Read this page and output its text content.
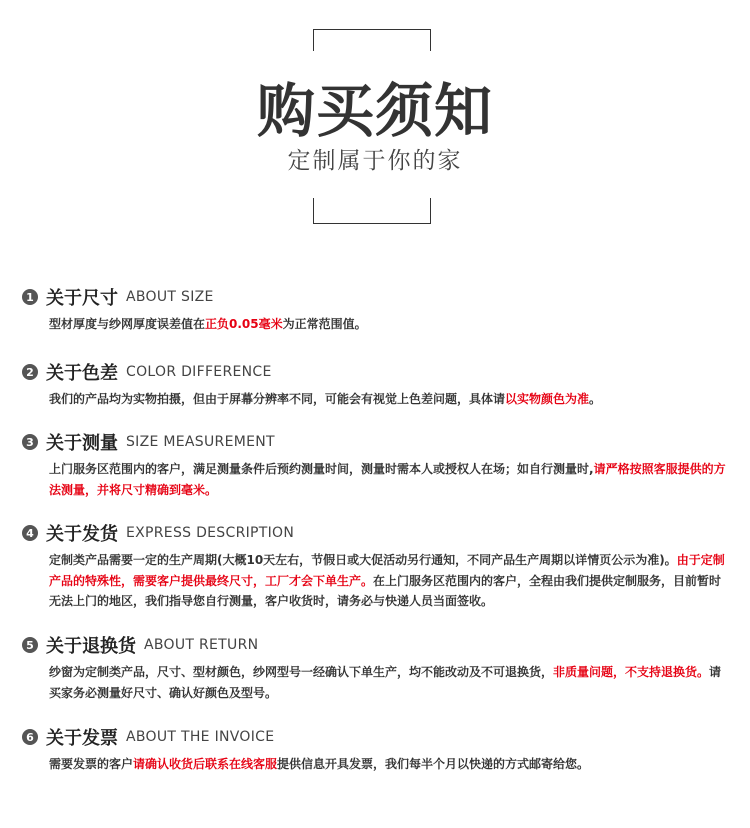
购买须知
定制属于你的家
1 关于尺寸 ABOUT SIZE
型材厚度与纱网厚度误差值在正负0.05毫米为正常范围值。
2 关于色差 COLOR DIFFERENCE
我们的产品均为实物拍摄，但由于屏幕分辨率不同，可能会有视觉上色差问题，具体请以实物颜色为准。
3 关于测量 SIZE MEASUREMENT
上门服务区范围内的客户，满足测量条件后预约测量时间，测量时需本人或授权人在场；如自行测量时,请严格按照客服提供的方法测量，并将尺寸精确到毫米。
4 关于发货 EXPRESS DESCRIPTION
定制类产品需要一定的生产周期(大概10天左右，节假日或大促活动另行通知，不同产品生产周期以详情页公示为准)。由于定制产品的特殊性，需要客户提供最终尺寸，工厂才会下单生产。在上门服务区范围内的客户，全程由我们提供定制服务，目前暂时无法上门的地区，我们指导您自行测量，客户收货时，请务必与快递人员当面签收。
5 关于退换货 ABOUT RETURN
纱窗为定制类产品，尺寸、型材颜色，纱网型号一经确认下单生产，均不能改动及不可退换货，非质量问题，不支持退换货。请买家务必测量好尺寸、确认好颜色及型号。
6 关于发票 ABOUT THE INVOICE
需要发票的客户请确认收货后联系在线客服提供信息开具发票，我们每半个月以快递的方式邮寄给您。
